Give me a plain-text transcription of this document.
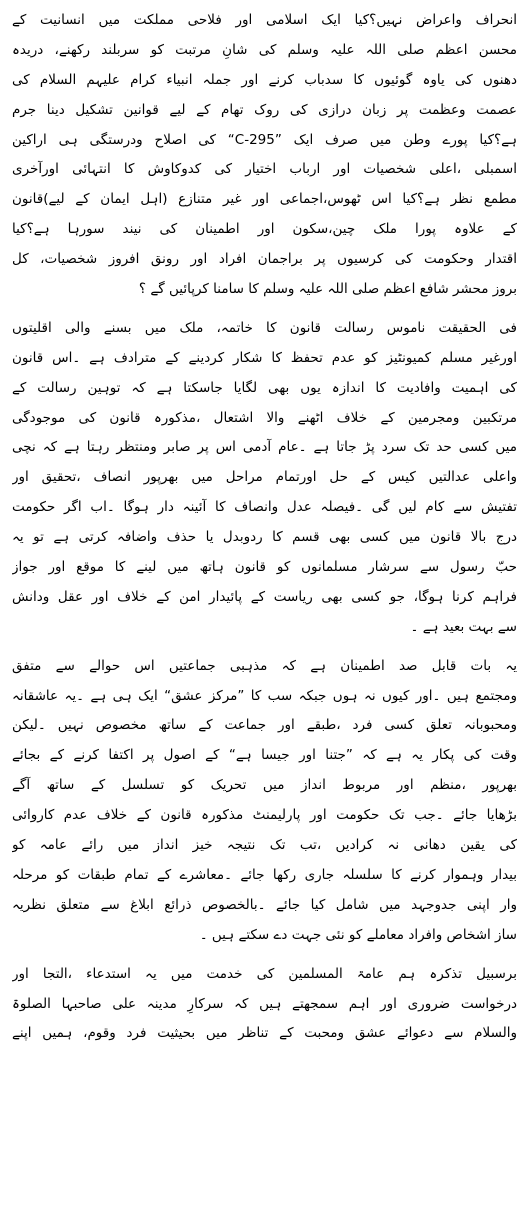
انحراف واعراض نہیں؟کیا ایک اسلامی اور فلاحی مملکت میں انسانیت کے
محسن اعظم صلی اللہ علیہ وسلم کی شانِ مرتبت کو سربلند رکھنے، دریدہ
دھنوں کی یاوہ گوئیوں کا سدباب کرنے اور جملہ انبیاء کرام علیہم السلام کی
عصمت وعظمت پر زبان درازی کی روک تھام کے لیے قوانین تشکیل دینا جرم
ہے؟کیا پورے وطن میں صرف ایک ”295-C“ کی اصلاح ودرستگی ہی اراکین
اسمبلی ،اعلی شخصیات اور ارباب اختیار کی کدوکاوش کا انتہائی اورآخری
مطمع نظر ہے؟کیا اس ٹھوس،اجماعی اور غیر متنازع (اہل ایمان کے لیے)قانون
کے علاوہ پورا ملک چین،سکون اور اطمینان کی نیند سورہا ہے؟کیا
اقتدار وحکومت کی کرسیوں پر براجمان افراد اور رونق افروز شخصیات، کل
بروز محشر شافع اعظم صلی اللہ علیہ وسلم کا سامنا کرپائیں گے ؟
فی الحقیقت ناموس رسالت قانون کا خاتمہ، ملک میں بسنے والی اقلیتوں
اورغیر مسلم کمیونٹیز کو عدم تحفظ کا شکار کردینے کے مترادف ہے ۔اس قانون
کی اہمیت وافادیت کا اندازہ یوں بھی لگایا جاسکتا ہے کہ توہین رسالت کے
مرتکبین ومجرمین کے خلاف اٹھنے والا اشتعال ،مذکورہ قانون کی موجودگی
میں کسی حد تک سرد پڑ جاتا ہے ۔عام آدمی اس پر صابر ومنتظر رہتا ہے کہ نچی
واعلی عدالتیں کیس کے حل اورتمام مراحل میں بھرپور انصاف ،تحقیق اور
تفتیش سے کام لیں گی ۔فیصلہ عدل وانصاف کا آئینہ دار ہوگا ۔اب اگر حکومت
درج بالا قانون میں کسی بھی قسم کا ردوبدل یا حذف واضافہ کرتی ہے تو یہ
حبّ رسول سے سرشار مسلمانوں کو قانون ہاتھ میں لینے کا موقع اور جواز
فراہم کرنا ہوگا، جو کسی بھی ریاست کے پائیدار امن کے خلاف اور عقل ودانش
سے بہت بعید ہے ۔
یہ بات قابل صد اطمینان ہے کہ مذہبی جماعتیں اس حوالے سے متفق
ومجتمع ہیں ۔اور کیوں نہ ہوں جبکہ سب کا ”مرکز عشق“ ایک ہی ہے ۔یہ عاشقانہ
ومحبوبانہ تعلق کسی فرد ،طبقے اور جماعت کے ساتھ مخصوص نہیں ۔لیکن
وقت کی پکار یہ ہے کہ ”جتنا اور جیسا ہے“ کے اصول پر اکتفا کرنے کے بجائے
بھرپور ،منظم اور مربوط انداز میں تحریک کو تسلسل کے ساتھ آگے
بڑھایا جائے ۔جب تک حکومت اور پارلیمنٹ مذکورہ قانون کے خلاف عدم کاروائی
کی یقین دھانی نہ کرادیں ،تب تک نتیجہ خیز انداز میں رائے عامہ کو
بیدار وہموار کرنے کا سلسلہ جاری رکھا جائے ۔معاشرے کے تمام طبقات کو مرحلہ
وار اپنی جدوجہد میں شامل کیا جائے ۔بالخصوص ذرائع ابلاغ سے متعلق نظریہ
ساز اشخاص وافراد معاملے کو نئی جہت دے سکتے ہیں ۔
برسبیل تذکرہ ہم عامۃ المسلمین کی خدمت میں یہ استدعاء ،التجا اور
درخواست ضروری اور اہم سمجھتے ہیں کہ سرکارِ مدینہ علی صاحبہا الصلوۃ
والسلام سے دعوائے عشق ومحبت کے تناظر میں بحیثیت فرد وقوم، ہمیں اپنے
